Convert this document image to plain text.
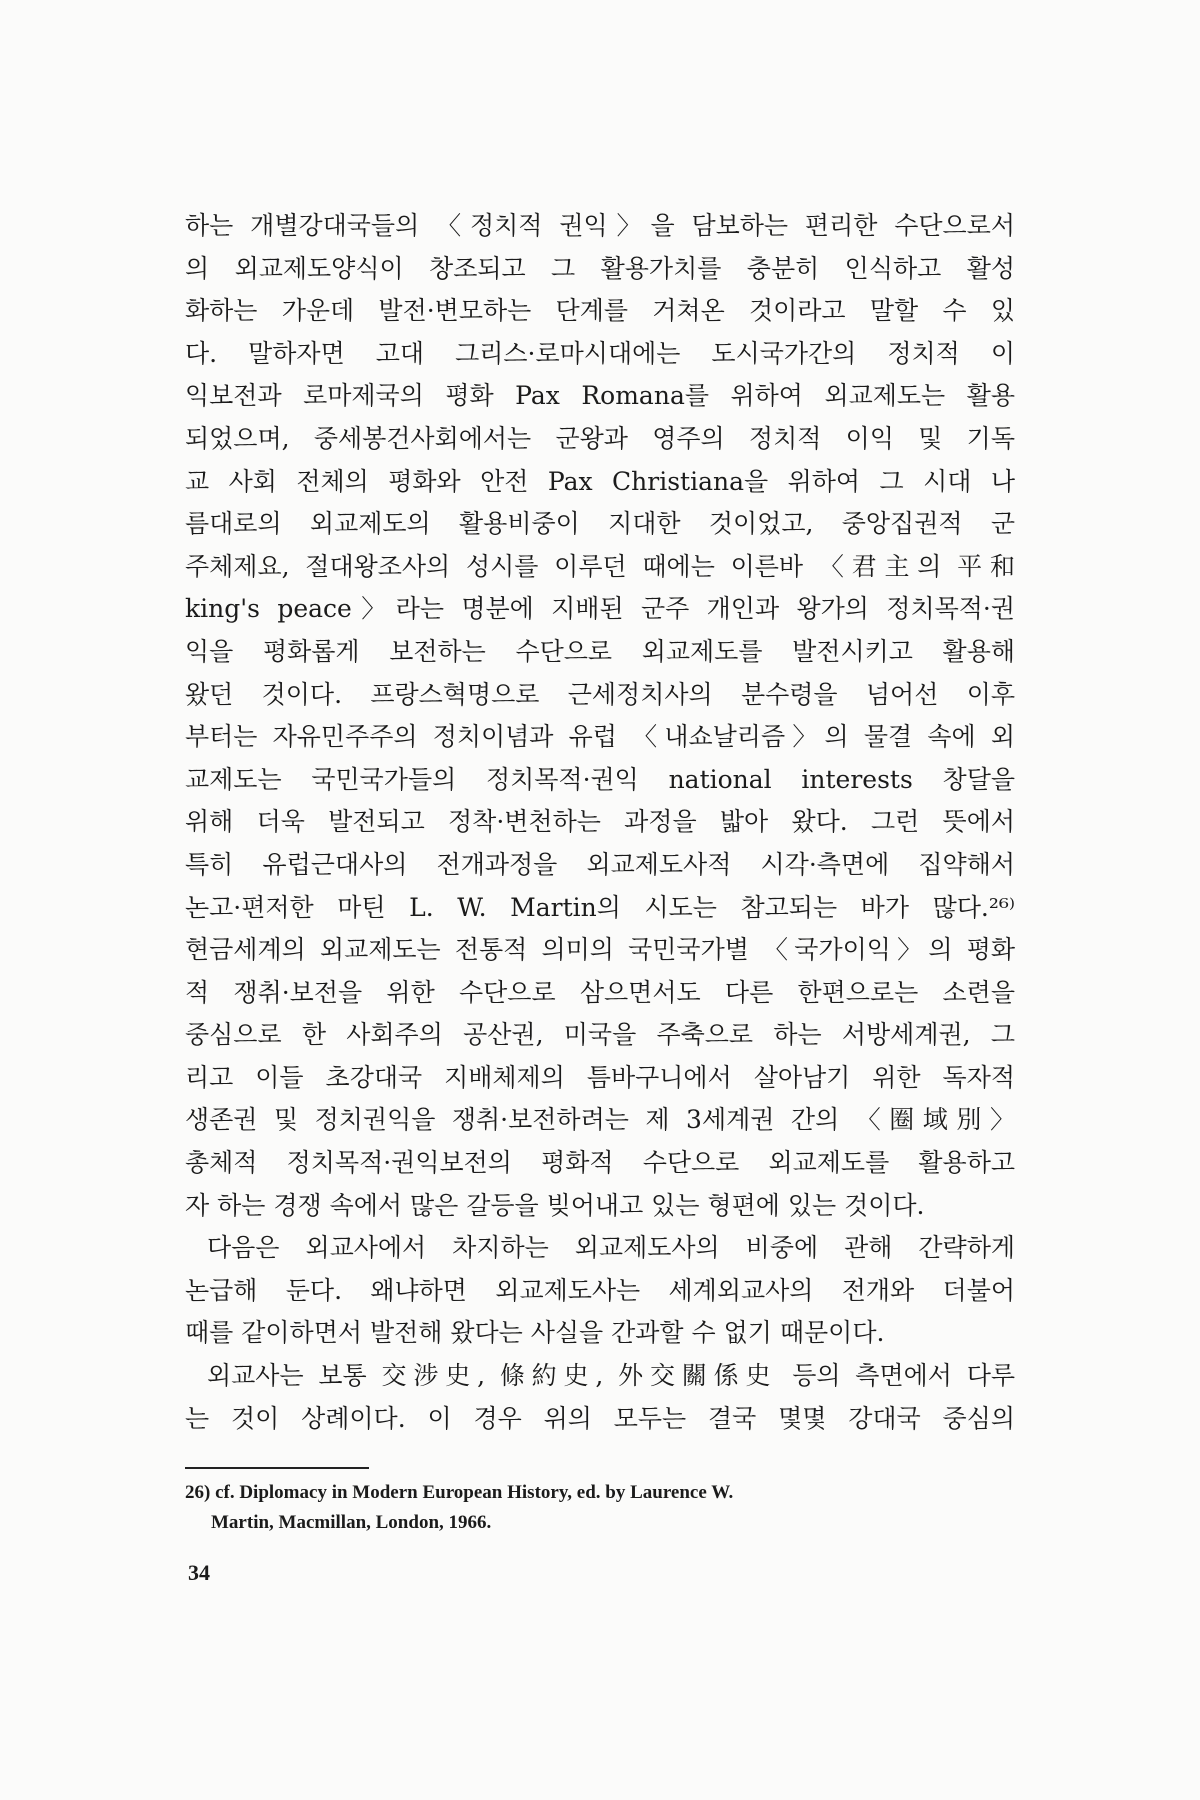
하는 개별강대국들의 〈정치적 권익〉을 담보하는 편리한 수단으로서
의 외교제도양식이 창조되고 그 활용가치를 충분히 인식하고 활성
화하는 가운데 발전·변모하는 단계를 거쳐온 것이라고 말할 수 있
다. 말하자면 고대 그리스·로마시대에는 도시국가간의 정치적 이
익보전과 로마제국의 평화 Pax Romana를 위하여 외교제도는 활용
되었으며, 중세봉건사회에서는 군왕과 영주의 정치적 이익 및 기독
교 사회 전체의 평화와 안전 Pax Christiana을 위하여 그 시대 나
름대로의 외교제도의 활용비중이 지대한 것이었고, 중앙집권적 군
주체제요, 절대왕조사의 성시를 이루던 때에는 이른바 〈君主의 平和
king's peace〉라는 명분에 지배된 군주 개인과 왕가의 정치목적·권
익을 평화롭게 보전하는 수단으로 외교제도를 발전시키고 활용해
왔던 것이다. 프랑스혁명으로 근세정치사의 분수령을 넘어선 이후
부터는 자유민주주의 정치이념과 유럽 〈내쇼날리즘〉의 물결 속에 외
교제도는 국민국가들의 정치목적·권익 national interests 창달을
위해 더욱 발전되고 정착·변천하는 과정을 밟아 왔다. 그런 뜻에서
특히 유럽근대사의 전개과정을 외교제도사적 시각·측면에 집약해서
논고·편저한 마틴 L. W. Martin의 시도는 참고되는 바가 많다.²⁶⁾
현금세계의 외교제도는 전통적 의미의 국민국가별 〈국가이익〉의 평화
적 쟁취·보전을 위한 수단으로 삼으면서도 다른 한편으로는 소련을
중심으로 한 사회주의 공산권, 미국을 주축으로 하는 서방세계권, 그
리고 이들 초강대국 지배체제의 틈바구니에서 살아남기 위한 독자적
생존권 및 정치권익을 쟁취·보전하려는 제 3세계권 간의 〈圈域別〉
총체적 정치목적·권익보전의 평화적 수단으로 외교제도를 활용하고
자 하는 경쟁 속에서 많은 갈등을 빚어내고 있는 형편에 있는 것이다.
다음은 외교사에서 차지하는 외교제도사의 비중에 관해 간략하게
논급해 둔다. 왜냐하면 외교제도사는 세계외교사의 전개와 더불어
때를 같이하면서 발전해 왔다는 사실을 간과할 수 없기 때문이다.
외교사는 보통 交涉史, 條約史, 外交關係史 등의 측면에서 다루
는 것이 상례이다. 이 경우 위의 모두는 결국 몇몇 강대국 중심의
26) cf. Diplomacy in Modern European History, ed. by Laurence W.
Martin, Macmillan, London, 1966.
34
